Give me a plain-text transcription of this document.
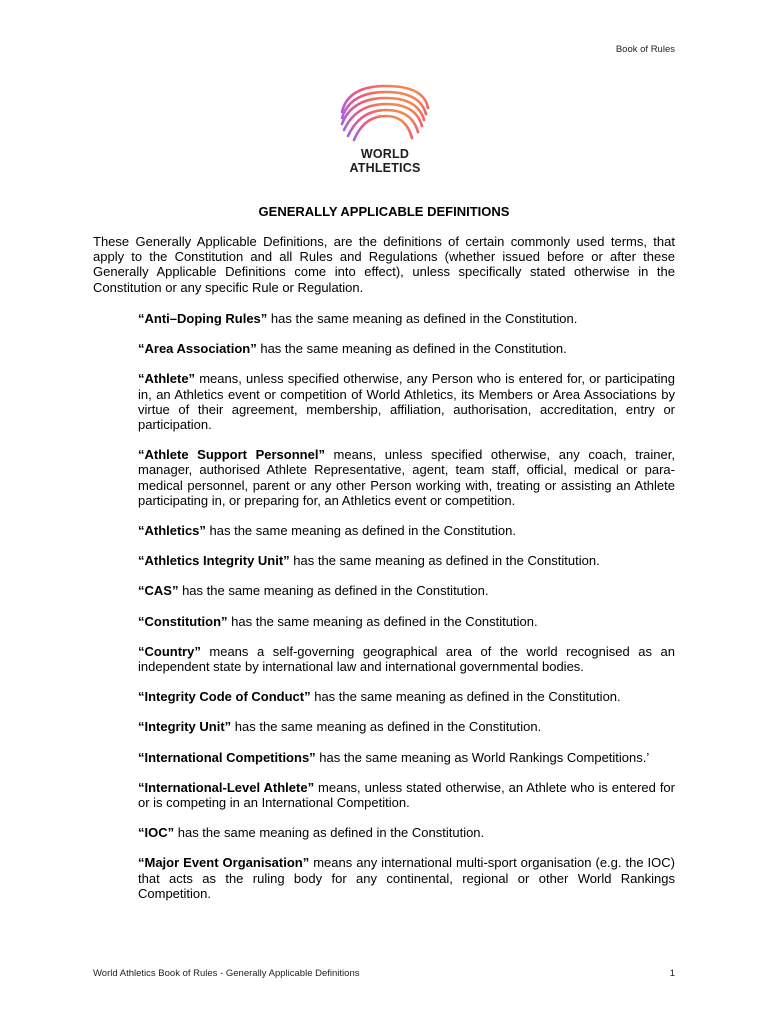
Book of Rules
WORLD
ATHLETICS
GENERALLY APPLICABLE DEFINITIONS

These Generally Applicable Definitions, are the definitions of certain commonly used terms, that apply to the Constitution and all Rules and Regulations (whether issued before or after these Generally Applicable Definitions come into effect), unless specifically stated otherwise in the Constitution or any specific Rule or Regulation.

“Anti–Doping Rules” has the same meaning as defined in the Constitution.
“Area Association” has the same meaning as defined in the Constitution.
“Athlete” means, unless specified otherwise, any Person who is entered for, or participating in, an Athletics event or competition of World Athletics, its Members or Area Associations by virtue of their agreement, membership, affiliation, authorisation, accreditation, entry or participation.
“Athlete Support Personnel” means, unless specified otherwise, any coach, trainer, manager, authorised Athlete Representative, agent, team staff, official, medical or para-medical personnel, parent or any other Person working with, treating or assisting an Athlete participating in, or preparing for, an Athletics event or competition.
“Athletics” has the same meaning as defined in the Constitution.
“Athletics Integrity Unit” has the same meaning as defined in the Constitution.
“CAS” has the same meaning as defined in the Constitution.
“Constitution” has the same meaning as defined in the Constitution.
“Country” means a self-governing geographical area of the world recognised as an independent state by international law and international governmental bodies.
“Integrity Code of Conduct” has the same meaning as defined in the Constitution.
“Integrity Unit” has the same meaning as defined in the Constitution.
“International Competitions” has the same meaning as World Rankings Competitions.’
“International-Level Athlete” means, unless stated otherwise, an Athlete who is entered for or is competing in an International Competition.
“IOC” has the same meaning as defined in the Constitution.
“Major Event Organisation” means any international multi-sport organisation (e.g. the IOC) that acts as the ruling body for any continental, regional or other World Rankings Competition.
World Athletics Book of Rules - Generally Applicable Definitions	1
